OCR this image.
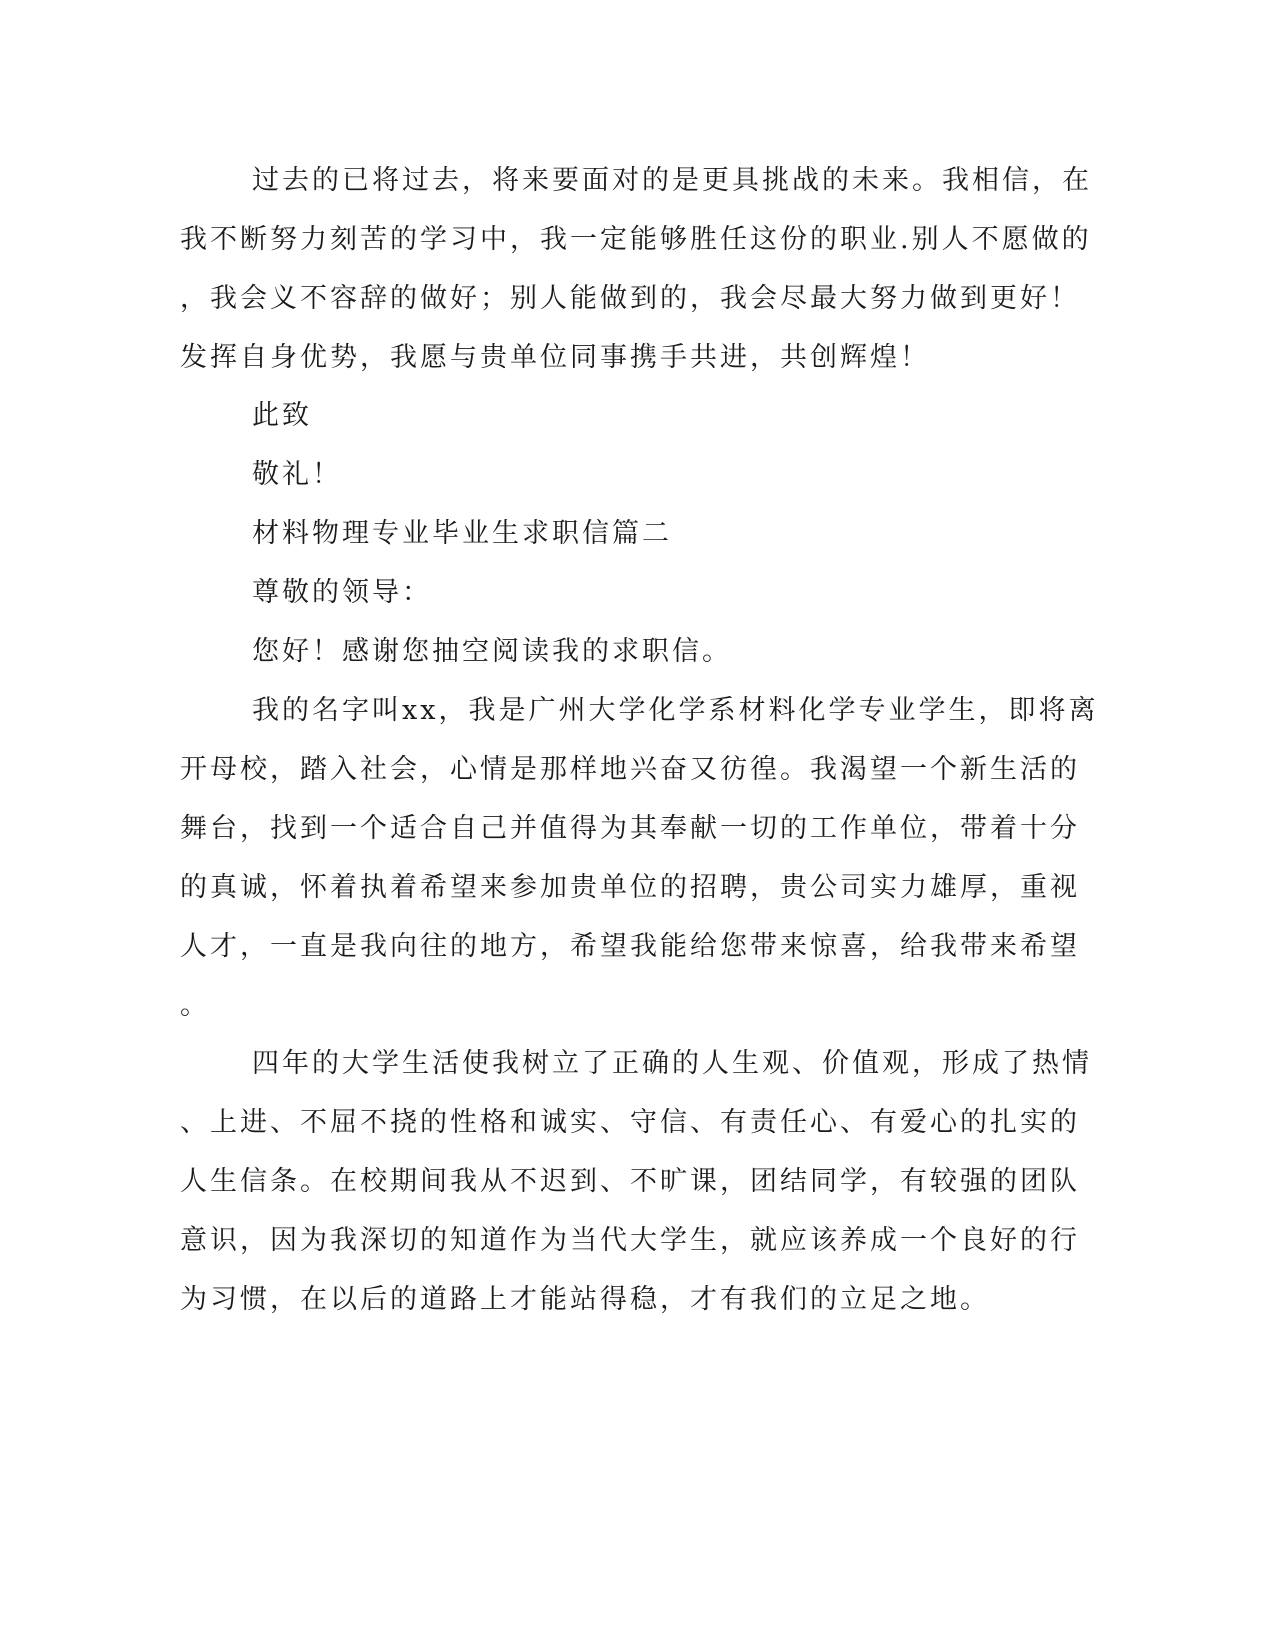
过去的已将过去，将来要面对的是更具挑战的未来。我相信，在
我不断努力刻苦的学习中，我一定能够胜任这份的职业.别人不愿做的
，我会义不容辞的做好；别人能做到的，我会尽最大努力做到更好！
发挥自身优势，我愿与贵单位同事携手共进，共创辉煌！
此致
敬礼！
材料物理专业毕业生求职信篇二
尊敬的领导：
您好！感谢您抽空阅读我的求职信。
我的名字叫xx，我是广州大学化学系材料化学专业学生，即将离
开母校，踏入社会，心情是那样地兴奋又彷徨。我渴望一个新生活的
舞台，找到一个适合自己并值得为其奉献一切的工作单位，带着十分
的真诚，怀着执着希望来参加贵单位的招聘，贵公司实力雄厚，重视
人才，一直是我向往的地方，希望我能给您带来惊喜，给我带来希望
。
四年的大学生活使我树立了正确的人生观、价值观，形成了热情
、上进、不屈不挠的性格和诚实、守信、有责任心、有爱心的扎实的
人生信条。在校期间我从不迟到、不旷课，团结同学，有较强的团队
意识，因为我深切的知道作为当代大学生，就应该养成一个良好的行
为习惯，在以后的道路上才能站得稳，才有我们的立足之地。
